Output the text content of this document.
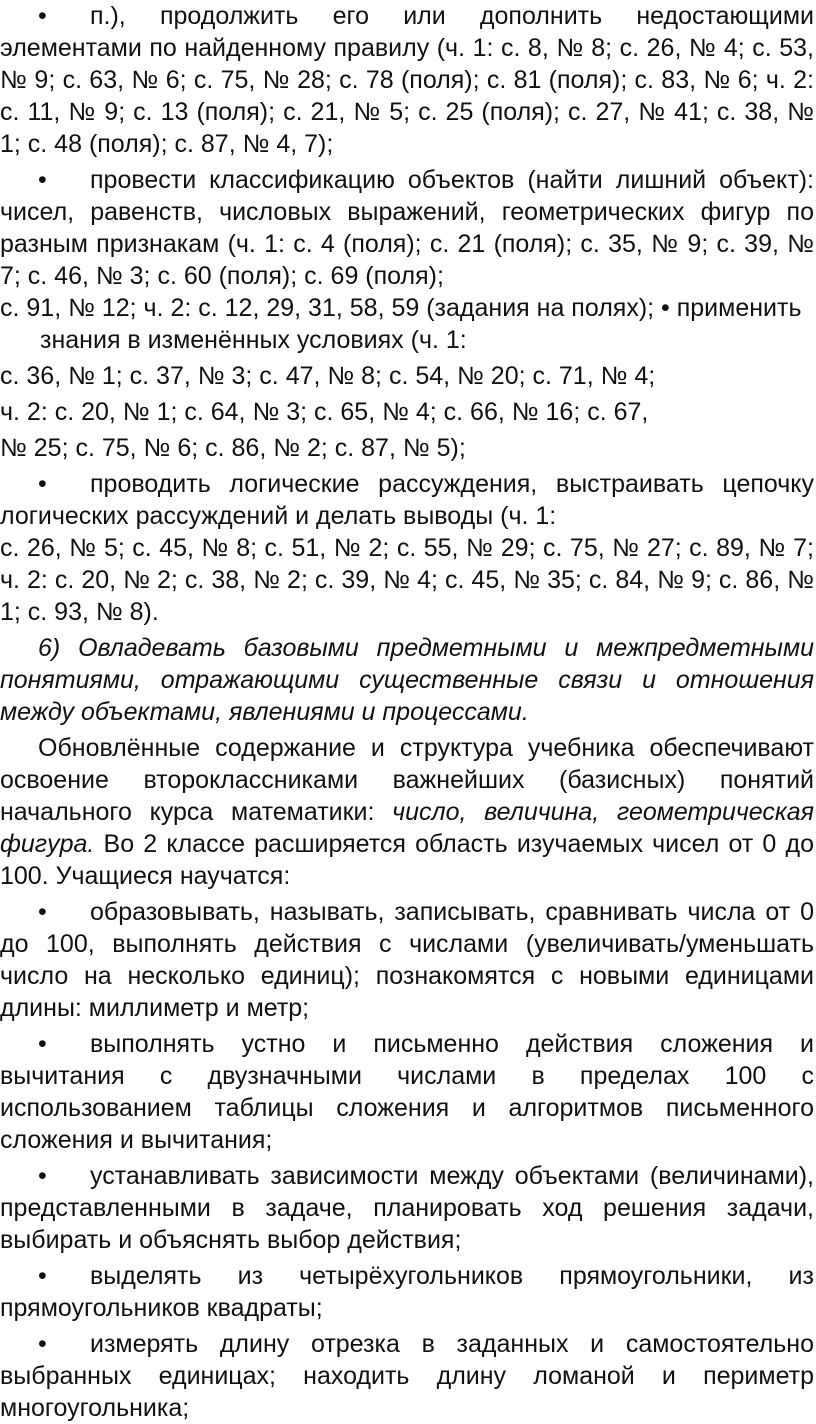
• п.), продолжить его или дополнить недостающими элементами по найденному правилу (ч. 1: с. 8, № 8; с. 26, № 4; с. 53, № 9; с. 63, № 6; с. 75, № 28; с. 78 (поля); с. 81 (поля); с. 83, № 6; ч. 2: с. 11, № 9; с. 13 (поля); с. 21, № 5; с. 25 (поля); с. 27, № 41; с. 38, № 1; с. 48 (поля); с. 87, № 4, 7);

• провести классификацию объектов (найти лишний объект): чисел, равенств, числовых выражений, геометрических фигур по разным признакам (ч. 1: с. 4 (поля); с. 21 (поля); с. 35, № 9; с. 39, № 7; с. 46, № 3; с. 60 (поля); с. 69 (поля);

с. 91, № 12; ч. 2: с. 12, 29, 31, 58, 59 (задания на полях); • применить

знания в изменённых условиях (ч. 1:

с. 36, № 1; с. 37, № 3; с. 47, № 8; с. 54, № 20; с. 71, № 4;

ч. 2: с. 20, № 1; с. 64, № 3; с. 65, № 4; с. 66, № 16; с. 67,

№ 25; с. 75, № 6; с. 86, № 2; с. 87, № 5);

• проводить логические рассуждения, выстраивать цепочку логических рассуждений и делать выводы (ч. 1:

с. 26, № 5; с. 45, № 8; с. 51, № 2; с. 55, № 29; с. 75, № 27; с. 89, № 7; ч. 2: с. 20, № 2; с. 38, № 2; с. 39, № 4; с. 45, № 35; с. 84, № 9; с. 86, № 1; с. 93, № 8).

6) Овладевать базовыми предметными и межпредметными понятиями, отражающими существенные связи и отношения между объектами, явлениями и процессами.

Обновлённые содержание и структура учебника обеспечивают освоение второклассниками важнейших (базисных) понятий начального курса математики: число, величина, геометрическая фигура. Во 2 классе расширяется область изучаемых чисел от 0 до 100. Учащиеся научатся:

• образовывать, называть, записывать, сравнивать числа от 0 до 100, выполнять действия с числами (увеличивать/уменьшать число на несколько единиц); познакомятся с новыми единицами длины: миллиметр и метр;

• выполнять устно и письменно действия сложения и вычитания с двузначными числами в пределах 100 с использованием таблицы сложения и алгоритмов письменного сложения и вычитания;

• устанавливать зависимости между объектами (величинами), представленными в задаче, планировать ход решения задачи, выбирать и объяснять выбор действия;

• выделять из четырёхугольников прямоугольники, из прямоугольников квадраты;

• измерять длину отрезка в заданных и самостоятельно выбранных единицах; находить длину ломаной и периметр многоугольника;
